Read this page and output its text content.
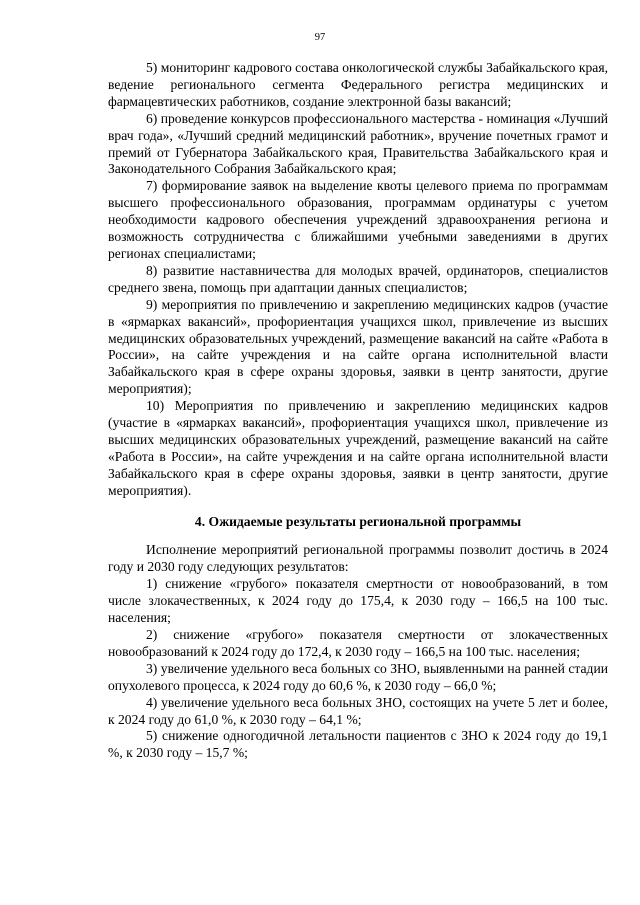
97

5) мониторинг кадрового состава онкологической службы Забайкальского края, ведение регионального сегмента Федерального регистра медицинских и фармацевтических работников, создание электронной базы вакансий;

6) проведение конкурсов профессионального мастерства - номинация «Лучший врач года», «Лучший средний медицинский работник», вручение почетных грамот и премий от Губернатора Забайкальского края, Правительства Забайкальского края и Законодательного Собрания Забайкальского края;

7) формирование заявок на выделение квоты целевого приема по программам высшего профессионального образования, программам ординатуры с учетом необходимости кадрового обеспечения учреждений здравоохранения региона и возможность сотрудничества с ближайшими учебными заведениями в других регионах специалистами;

8) развитие наставничества для молодых врачей, ординаторов, специалистов среднего звена, помощь при адаптации данных специалистов;

9) мероприятия по привлечению и закреплению медицинских кадров (участие в «ярмарках вакансий», профориентация учащихся школ, привлечение из высших медицинских образовательных учреждений, размещение вакансий на сайте «Работа в России», на сайте учреждения и на сайте органа исполнительной власти Забайкальского края в сфере охраны здоровья, заявки в центр занятости, другие мероприятия);

10) Мероприятия по привлечению и закреплению медицинских кадров (участие в «ярмарках вакансий», профориентация учащихся школ, привлечение из высших медицинских образовательных учреждений, размещение вакансий на сайте «Работа в России», на сайте учреждения и на сайте органа исполнительной власти Забайкальского края в сфере охраны здоровья, заявки в центр занятости, другие мероприятия).

4. Ожидаемые результаты региональной программы

Исполнение мероприятий региональной программы позволит достичь в 2024 году и 2030 году следующих результатов:

1) снижение «грубого» показателя смертности от новообразований, в том числе злокачественных, к 2024 году до 175,4, к 2030 году – 166,5 на 100 тыс. населения;

2) снижение «грубого» показателя смертности от злокачественных новообразований к 2024 году до 172,4, к 2030 году – 166,5 на 100 тыс. населения;

3) увеличение удельного веса больных со ЗНО, выявленными на ранней стадии опухолевого процесса, к 2024 году до 60,6 %, к 2030 году – 66,0 %;

4) увеличение удельного веса больных ЗНО, состоящих на учете 5 лет и более, к 2024 году до 61,0 %, к 2030 году – 64,1 %;

5) снижение одногодичной летальности пациентов с ЗНО к 2024 году до 19,1 %, к 2030 году – 15,7 %;
